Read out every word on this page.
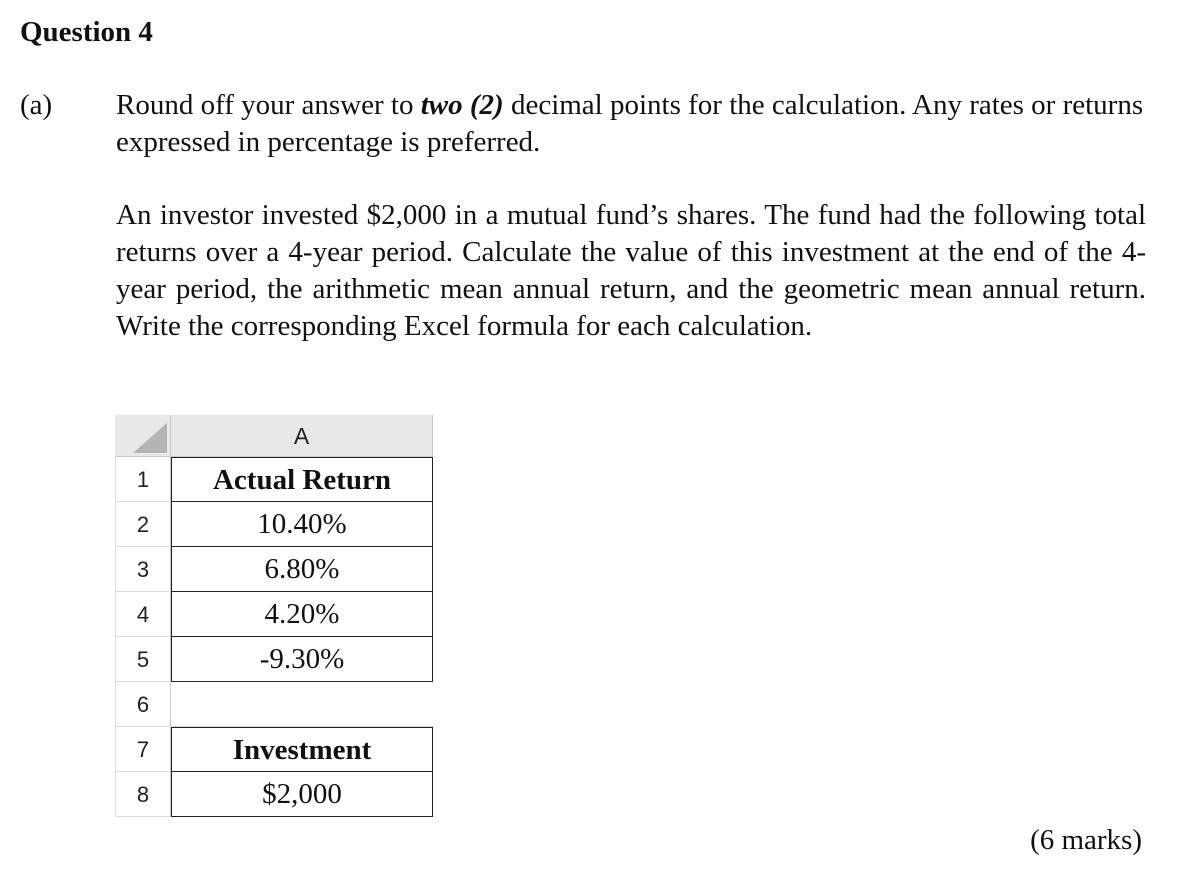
Question 4
(a) Round off your answer to two (2) decimal points for the calculation. Any rates or returns expressed in percentage is preferred.
An investor invested $2,000 in a mutual fund’s shares. The fund had the following total returns over a 4-year period. Calculate the value of this investment at the end of the 4-year period, the arithmetic mean annual return, and the geometric mean annual return. Write the corresponding Excel formula for each calculation.
A
1	Actual Return
2	10.40%
3	6.80%
4	4.20%
5	-9.30%
6
7	Investment
8	$2,000
(6 marks)
